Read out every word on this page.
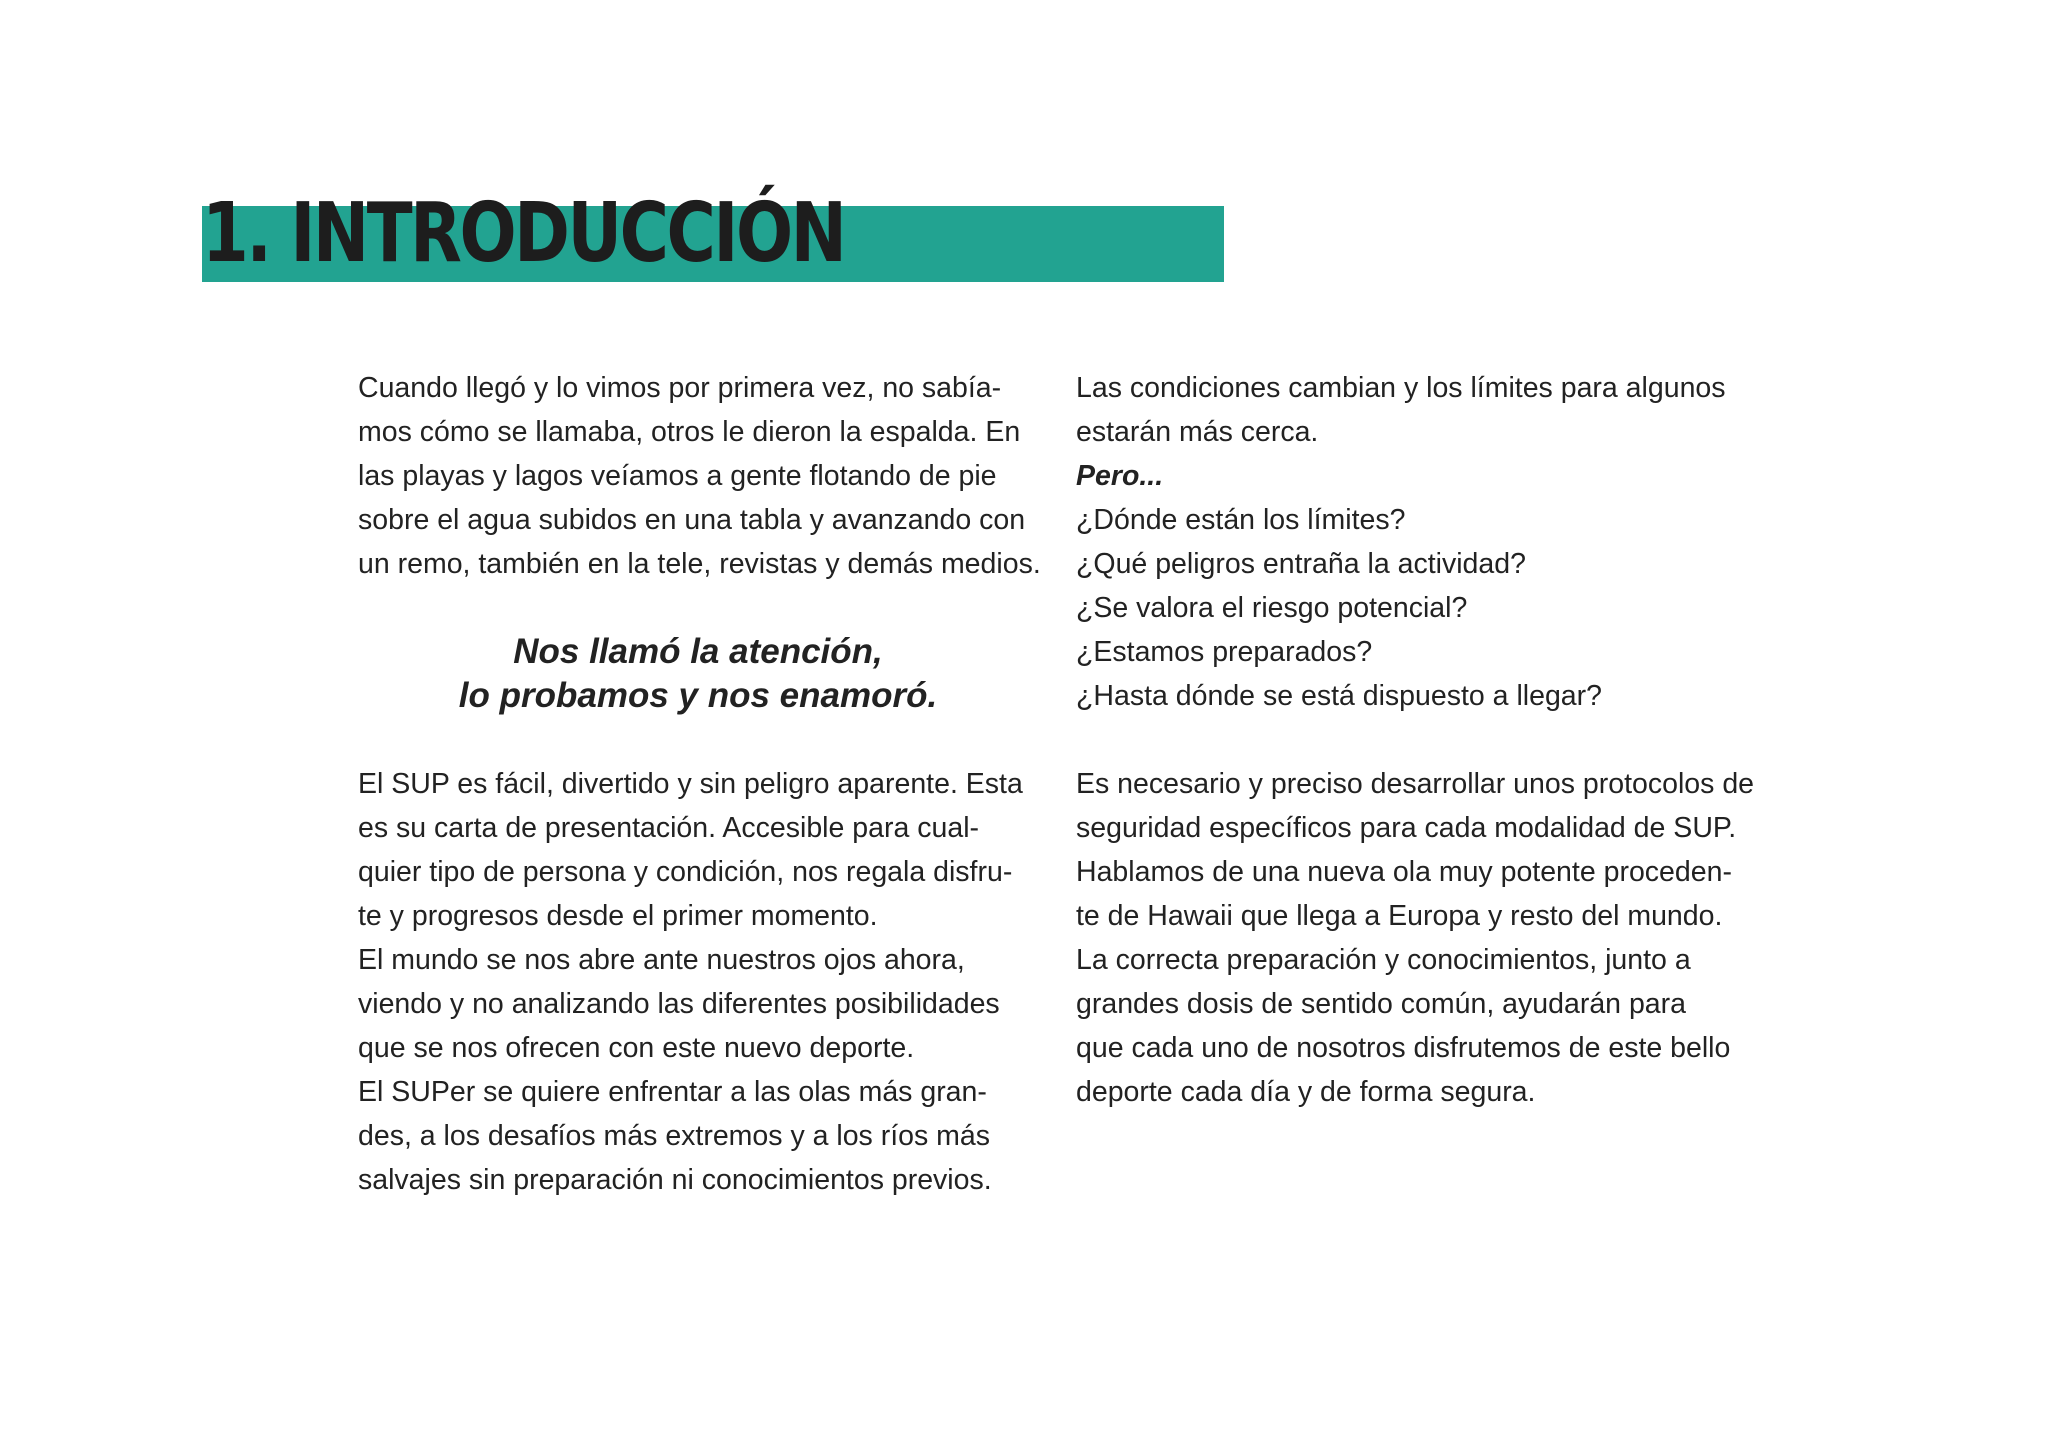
1. INTRODUCCIÓN

Cuando llegó y lo vimos por primera vez, no sabía-
mos cómo se llamaba, otros le dieron la espalda. En
las playas y lagos veíamos a gente flotando de pie
sobre el agua subidos en una tabla y avanzando con
un remo, también en la tele, revistas y demás medios.

Nos llamó la atención,
lo probamos y nos enamoró.

El SUP es fácil, divertido y sin peligro aparente. Esta
es su carta de presentación. Accesible para cual-
quier tipo de persona y condición, nos regala disfru-
te y progresos desde el primer momento.
El mundo se nos abre ante nuestros ojos ahora,
viendo y no analizando las diferentes posibilidades
que se nos ofrecen con este nuevo deporte.
El SUPer se quiere enfrentar a las olas más gran-
des, a los desafíos más extremos y a los ríos más
salvajes sin preparación ni conocimientos previos.

Las condiciones cambian y los límites para algunos
estarán más cerca.
Pero...
¿Dónde están los límites?
¿Qué peligros entraña la actividad?
¿Se valora el riesgo potencial?
¿Estamos preparados?
¿Hasta dónde se está dispuesto a llegar?

Es necesario y preciso desarrollar unos protocolos de
seguridad específicos para cada modalidad de SUP.
Hablamos de una nueva ola muy potente proceden-
te de Hawaii que llega a Europa y resto del mundo.
La correcta preparación y conocimientos, junto a
grandes dosis de sentido común, ayudarán para
que cada uno de nosotros disfrutemos de este bello
deporte cada día y de forma segura.
